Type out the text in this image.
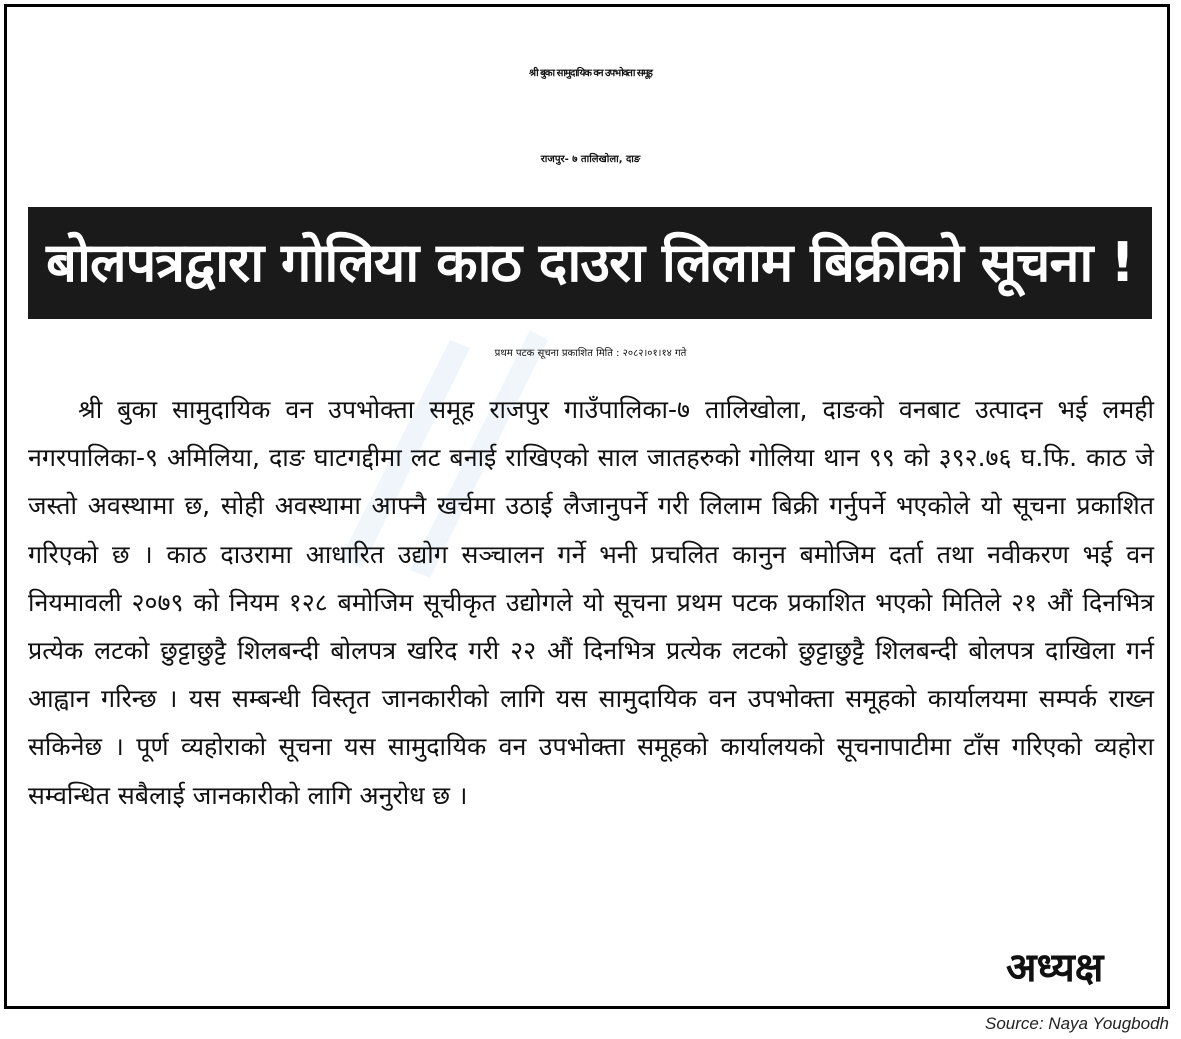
श्री बुका सामुदायिक वन उपभोक्ता समूह
राजपुर- ७ तालिखोला, दाङ
बोलपत्रद्वारा गोलिया काठ दाउरा लिलाम बिक्रीको सूचना !
प्रथम पटक सूचना प्रकाशित मिति : २०८२।०१।१४ गते

श्री बुका सामुदायिक वन उपभोक्ता समूह राजपुर गाउँपालिका-७ तालिखोला, दाङको वनबाट उत्पादन भई लमही नगरपालिका-९ अमिलिया, दाङ घाटगद्दीमा लट बनाई राखिएको साल जातहरुको गोलिया थान ९९ को ३९२.७६ घ.फि. काठ जे जस्तो अवस्थामा छ, सोही अवस्थामा आफ्नै खर्चमा उठाई लैजानुपर्ने गरी लिलाम बिक्री गर्नुपर्ने भएकोले यो सूचना प्रकाशित गरिएको छ । काठ दाउरामा आधारित उद्योग सञ्चालन गर्ने भनी प्रचलित कानुन बमोजिम दर्ता तथा नवीकरण भई वन नियमावली २०७९ को नियम १२८ बमोजिम सूचीकृत उद्योगले यो सूचना प्रथम पटक प्रकाशित भएको मितिले २१ औं दिनभित्र प्रत्येक लटको छुट्टाछुट्टै शिलबन्दी बोलपत्र खरिद गरी २२ औं दिनभित्र प्रत्येक लटको छुट्टाछुट्टै शिलबन्दी बोलपत्र दाखिला गर्न आह्वान गरिन्छ । यस सम्बन्धी विस्तृत जानकारीको लागि यस सामुदायिक वन उपभोक्ता समूहको कार्यालयमा सम्पर्क राख्न सकिनेछ । पूर्ण व्यहोराको सूचना यस सामुदायिक वन उपभोक्ता समूहको कार्यालयको सूचनापाटीमा टाँस गरिएको व्यहोरा सम्वन्धित सबैलाई जानकारीको लागि अनुरोध छ ।

अध्यक्ष
Source: Naya Yougbodh
